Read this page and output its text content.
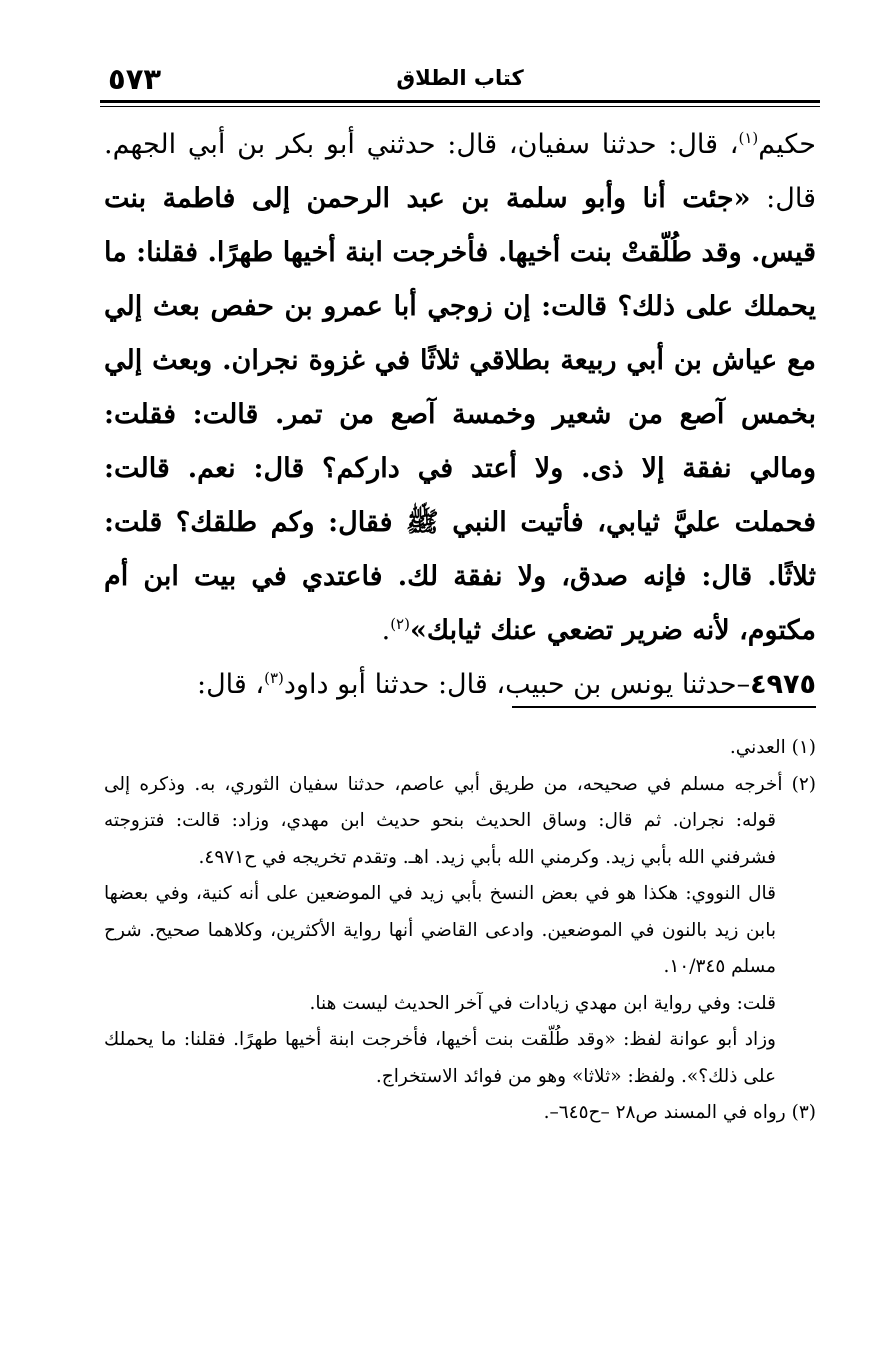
كتاب الطلاق
٥٧٣

حكيم$^{(١)}$، قال: حدثنا سفيان، قال: حدثني أبو بكر بن أبي الجهم. قال: «جئت أنا وأبو سلمة بن عبد الرحمن إلى فاطمة بنت قيس. وقد طُلّقتْ بنت أخيها. فأخرجت ابنة أخيها طهرًا. فقلنا: ما يحملك على ذلك؟ قالت: إن زوجي أبا عمرو بن حفص بعث إلي مع عياش بن أبي ربيعة بطلاقي ثلاثًا في غزوة نجران. وبعث إلي بخمس آصع من شعير وخمسة آصع من تمر. قالت: فقلت: ومالي نفقة إلا ذى. ولا أعتد في داركم؟ قال: نعم. قالت: فحملت عليَّ ثيابي، فأتيت النبي ﷺ فقال: وكم طلقك؟ قلت: ثلاثًا. قال: فإنه صدق، ولا نفقة لك. فاعتدي في بيت ابن أم مكتوم، لأنه ضرير تضعي عنك ثيابك»$^{(٢)}$.

٤٩٧٥–حدثنا يونس بن حبيب، قال: حدثنا أبو داود$^{(٣)}$، قال:

(١) العدني.

(٢) أخرجه مسلم في صحيحه، من طريق أبي عاصم، حدثنا سفيان الثوري، به. وذكره إلى قوله: نجران. ثم قال: وساق الحديث بنحو حديث ابن مهدي، وزاد: قالت: فتزوجته فشرفني الله بأبي زيد. وكرمني الله بأبي زيد. اهـ. وتقدم تخريجه في ح٤٩٧١.

قال النووي: هكذا هو في بعض النسخ بأبي زيد في الموضعين على أنه كنية، وفي بعضها بابن زيد بالنون في الموضعين. وادعى القاضي أنها رواية الأكثرين، وكلاهما صحيح. شرح مسلم ١٠/٣٤٥.

قلت: وفي رواية ابن مهدي زيادات في آخر الحديث ليست هنا.

وزاد أبو عوانة لفظ: «وقد طُلّقت بنت أخيها، فأخرجت ابنة أخيها طهرًا. فقلنا: ما يحملك على ذلك؟». ولفظ: «ثلاثا» وهو من فوائد الاستخراج.

(٣) رواه في المسند ص٢٨ –ح٦٤٥–.
